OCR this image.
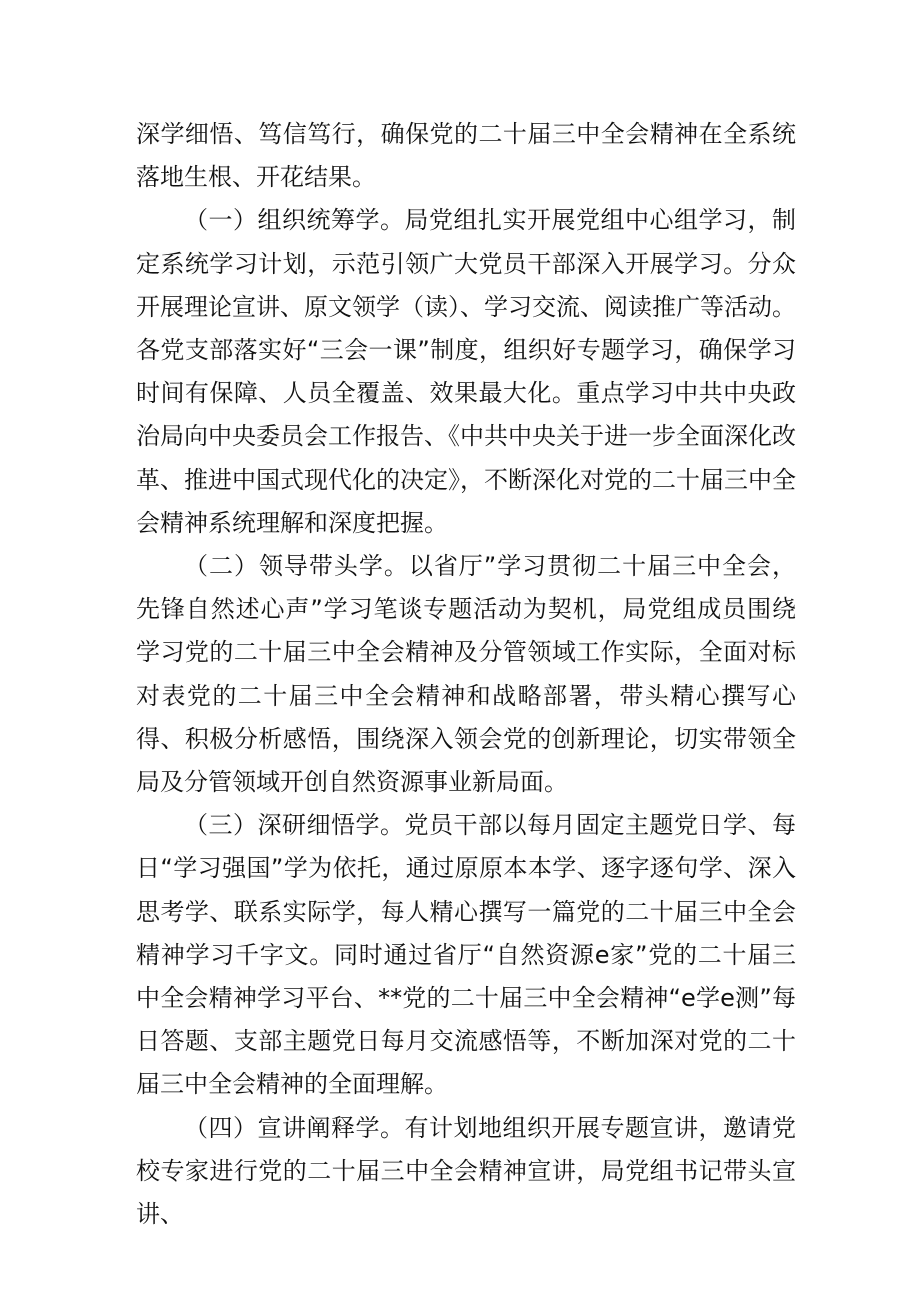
深学细悟、笃信笃行，确保党的二十届三中全会精神在全系统落地生根、开花结果。

（一）组织统筹学。局党组扎实开展党组中心组学习，制定系统学习计划，示范引领广大党员干部深入开展学习。分众开展理论宣讲、原文领学（读）、学习交流、阅读推广等活动。各党支部落实好“三会一课”制度，组织好专题学习，确保学习时间有保障、人员全覆盖、效果最大化。重点学习中共中央政治局向中央委员会工作报告、《中共中央关于进一步全面深化改革、推进中国式现代化的决定》，不断深化对党的二十届三中全会精神系统理解和深度把握。

（二）领导带头学。以省厅”学习贯彻二十届三中全会，先锋自然述心声”学习笔谈专题活动为契机，局党组成员围绕学习党的二十届三中全会精神及分管领域工作实际，全面对标对表党的二十届三中全会精神和战略部署，带头精心撰写心得、积极分析感悟，围绕深入领会党的创新理论，切实带领全局及分管领域开创自然资源事业新局面。

（三）深研细悟学。党员干部以每月固定主题党日学、每日“学习强国”学为依托，通过原原本本学、逐字逐句学、深入思考学、联系实际学，每人精心撰写一篇党的二十届三中全会精神学习千字文。同时通过省厅“自然资源e家”党的二十届三中全会精神学习平台、**党的二十届三中全会精神“e学e测”每日答题、支部主题党日每月交流感悟等，不断加深对党的二十届三中全会精神的全面理解。

（四）宣讲阐释学。有计划地组织开展专题宣讲，邀请党校专家进行党的二十届三中全会精神宣讲，局党组书记带头宣讲、
